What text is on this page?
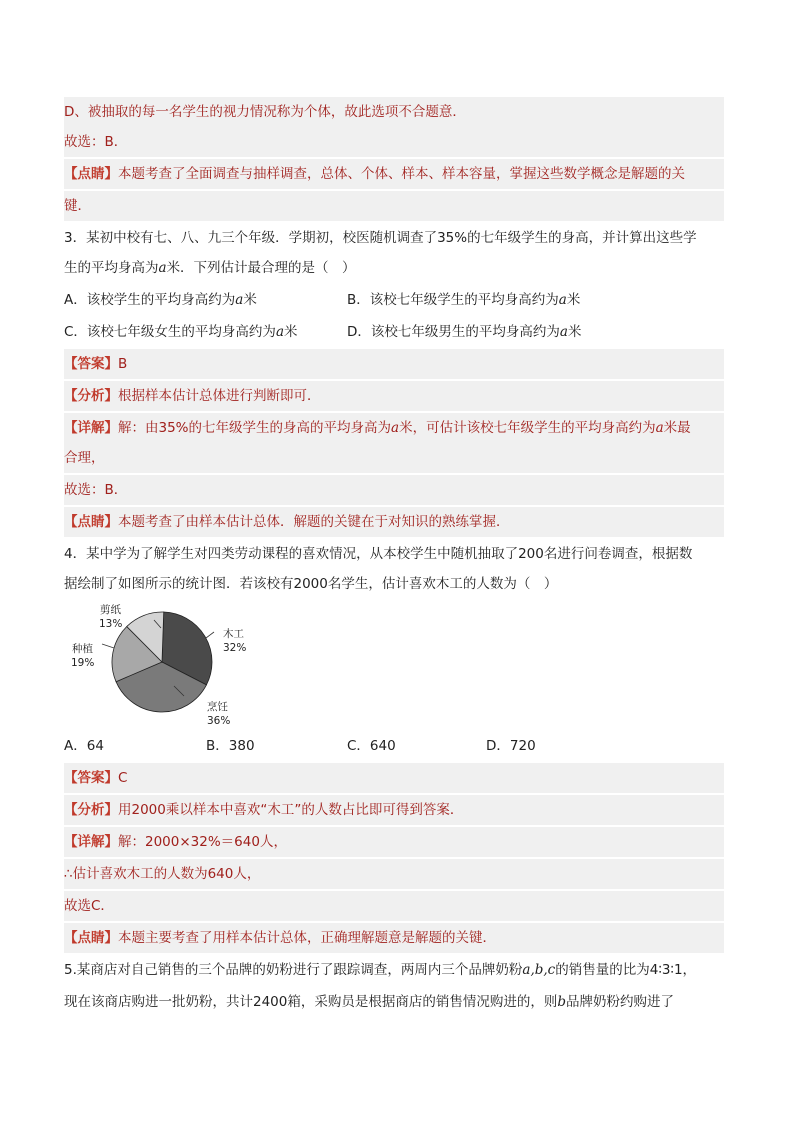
D、被抽取的每一名学生的视力情况称为个体，故此选项不合题意．
故选：B．
【点睛】本题考查了全面调查与抽样调查，总体、个体、样本、样本容量，掌握这些数学概念是解题的关
键．
3．某初中校有七、八、九三个年级．学期初，校医随机调查了35%的七年级学生的身高，并计算出这些学
生的平均身高为a米．下列估计最合理的是（　）
A．该校学生的平均身高约为a米	B．该校七年级学生的平均身高约为a米
C．该校七年级女生的平均身高约为a米	D．该校七年级男生的平均身高约为a米
【答案】B
【分析】根据样本估计总体进行判断即可．
【详解】解：由35%的七年级学生的身高的平均身高为a米，可估计该校七年级学生的平均身高约为a米最
合理，
故选：B．
【点睛】本题考查了由样本估计总体．解题的关键在于对知识的熟练掌握．
4．某中学为了解学生对四类劳动课程的喜欢情况，从本校学生中随机抽取了200名进行问卷调查，根据数
据绘制了如图所示的统计图．若该校有2000名学生，估计喜欢木工的人数为（　）
剪纸
13%
木工
32%
种植
19%
烹饪
36%
A．64	B．380	C．640	D．720
【答案】C
【分析】用2000乘以样本中喜欢“木工”的人数占比即可得到答案．
【详解】解：2000×32%＝640人，
∴估计喜欢木工的人数为640人，
故选C．
【点睛】本题主要考查了用样本估计总体，正确理解题意是解题的关键．
5.某商店对自己销售的三个品牌的奶粉进行了跟踪调查，两周内三个品牌奶粉a,b,c的销售量的比为4∶3∶1，
现在该商店购进一批奶粉，共计2400箱，采购员是根据商店的销售情况购进的，则b品牌奶粉约购进了
